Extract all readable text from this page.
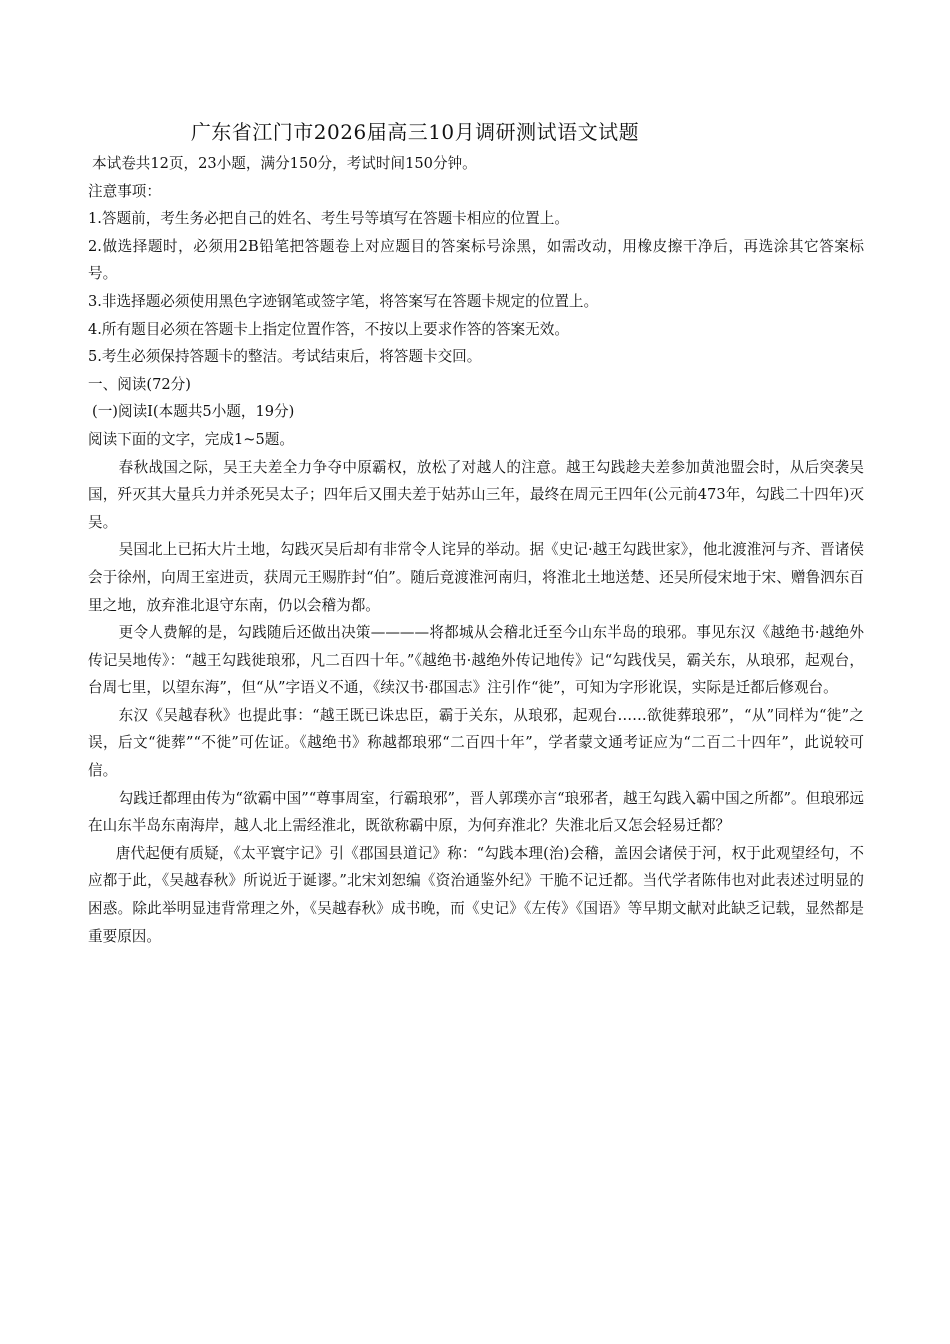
广东省江门市2026届高三10月调研测试语文试题
本试卷共12页，23小题，满分150分，考试时间150分钟。
注意事项：
1.答题前，考生务必把自己的姓名、考生号等填写在答题卡相应的位置上。
2.做选择题时，必须用2B铅笔把答题卷上对应题目的答案标号涂黑，如需改动，用橡皮擦干净后，再选涂其它答案标号。
3.非选择题必须使用黑色字迹钢笔或签字笔，将答案写在答题卡规定的位置上。
4.所有题目必须在答题卡上指定位置作答，不按以上要求作答的答案无效。
5.考生必须保持答题卡的整洁。考试结束后，将答题卡交回。
一、阅读(72分)
(一)阅读Ⅰ(本题共5小题，19分)
阅读下面的文字，完成1~5题。
春秋战国之际，吴王夫差全力争夺中原霸权，放松了对越人的注意。越王勾践趁夫差参加黄池盟会时，从后突袭吴国，歼灭其大量兵力并杀死吴太子；四年后又围夫差于姑苏山三年，最终在周元王四年(公元前473年，勾践二十四年)灭吴。
吴国北上已拓大片土地，勾践灭吴后却有非常令人诧异的举动。据《史记·越王勾践世家》，他北渡淮河与齐、晋诸侯会于徐州，向周王室进贡，获周元王赐胙封“伯”。随后竟渡淮河南归，将淮北土地送楚、还吴所侵宋地于宋、赠鲁泗东百里之地，放弃淮北退守东南，仍以会稽为都。
更令人费解的是，勾践随后还做出决策————将都城从会稽北迁至今山东半岛的琅邪。事见东汉《越绝书·越绝外传记吴地传》：“越王勾践徙琅邪，凡二百四十年。”《越绝书·越绝外传记地传》记“勾践伐吴，霸关东，从琅邪，起观台，台周七里，以望东海”，但“从”字语义不通，《续汉书·郡国志》注引作“徙”，可知为字形讹误，实际是迁都后修观台。
东汉《吴越春秋》也提此事：“越王既已诛忠臣，霸于关东，从琅邪，起观台……欲徙葬琅邪”，“从”同样为“徙”之误，后文“徙葬”“不徙”可佐证。《越绝书》称越都琅邪“二百四十年”，学者蒙文通考证应为“二百二十四年”，此说较可信。
勾践迁都理由传为“欲霸中国”“尊事周室，行霸琅邪”，晋人郭璞亦言“琅邪者，越王勾践入霸中国之所都”。但琅邪远在山东半岛东南海岸，越人北上需经淮北，既欲称霸中原，为何弃淮北？失淮北后又怎会轻易迁都？
唐代起便有质疑，《太平寰宇记》引《郡国县道记》称：“勾践本理(治)会稽，盖因会诸侯于河，权于此观望经句，不应都于此，《吴越春秋》所说近于诞谬。”北宋刘恕编《资治通鉴外纪》干脆不记迁都。当代学者陈伟也对此表述过明显的困惑。除此举明显违背常理之外，《吴越春秋》成书晚，而《史记》《左传》《国语》等早期文献对此缺乏记载，显然都是重要原因。
